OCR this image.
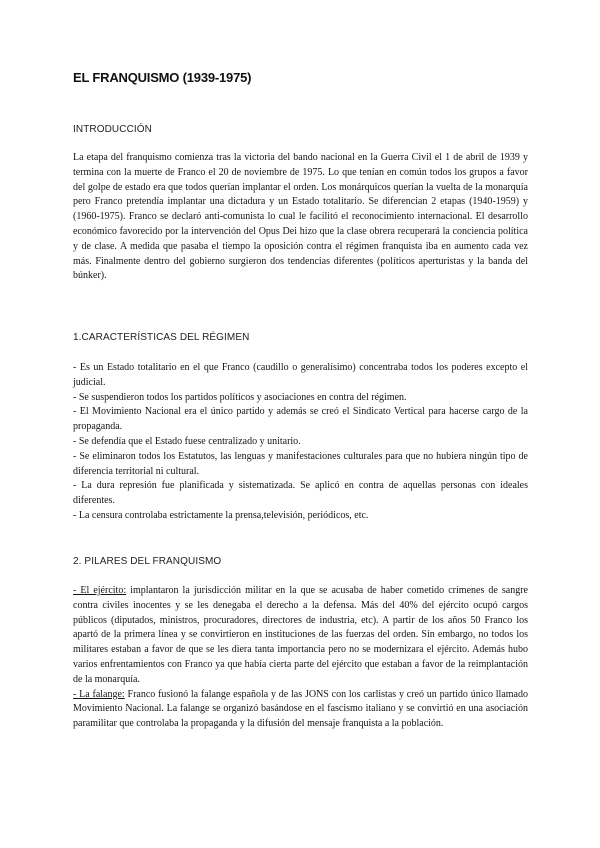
EL FRANQUISMO (1939-1975)
INTRODUCCIÓN

La etapa del franquismo comienza tras la victoria del bando nacional en la Guerra Civil el 1 de abril de 1939 y termina con la muerte de Franco el 20 de noviembre de 1975. Lo que tenían en común todos los grupos a favor del golpe de estado era que todos querían implantar el orden. Los monárquicos querían la vuelta de la monarquía pero Franco pretendía implantar una dictadura y un Estado totalitario. Se diferencian 2 etapas (1940-1959) y (1960-1975). Franco se declaró anti-comunista lo cual le facilitó el reconocimiento internacional. El desarrollo económico favorecido por la intervención del Opus Dei hizo que la clase obrera recuperará la conciencia política y de clase. A medida que pasaba el tiempo la oposición contra el régimen franquista iba en aumento cada vez más. Finalmente dentro del gobierno surgieron dos tendencias diferentes (políticos aperturistas y la banda del búnker).

1.CARACTERÍSTICAS DEL RÉGIMEN
- Es un Estado totalitario en el que Franco (caudillo o generalísimo) concentraba todos los poderes excepto el judicial.
- Se suspendieron todos los partidos políticos y asociaciones en contra del régimen.
- El Movimiento Nacional era el único partido y además se creó el Sindicato Vertical para hacerse cargo de la propaganda.
- Se defendía que el Estado fuese centralizado y unitario.
- Se eliminaron todos los Estatutos, las lenguas y manifestaciones culturales para que no hubiera ningún tipo de diferencia territorial ni cultural.
- La dura represión fue planificada y sistematizada. Se aplicó en contra de aquellas personas con ideales diferentes.
- La censura controlaba estrictamente la prensa,televisión, periódicos, etc.
2. PILARES DEL FRANQUISMO

- El ejército: implantaron la jurisdicción militar en la que se acusaba de haber cometido crímenes de sangre contra civiles inocentes y se les denegaba el derecho a la defensa. Más del 40% del ejército ocupó cargos públicos (diputados, ministros, procuradores, directores de industria, etc). A partir de los años 50 Franco los apartó de la primera línea y se convirtieron en instituciones de las fuerzas del orden. Sin embargo, no todos los militares estaban a favor de que se les diera tanta importancia pero no se modernizara el ejército. Además hubo varios enfrentamientos con Franco ya que había cierta parte del ejército que estaban a favor de la reimplantación de la monarquía.

- La falange: Franco fusionó la falange española y de las JONS con los carlistas y creó un partido único llamado Movimiento Nacional. La falange se organizó basándose en el fascismo italiano y se convirtió en una asociación paramilitar que controlaba la propaganda y la difusión del mensaje franquista a la población.
